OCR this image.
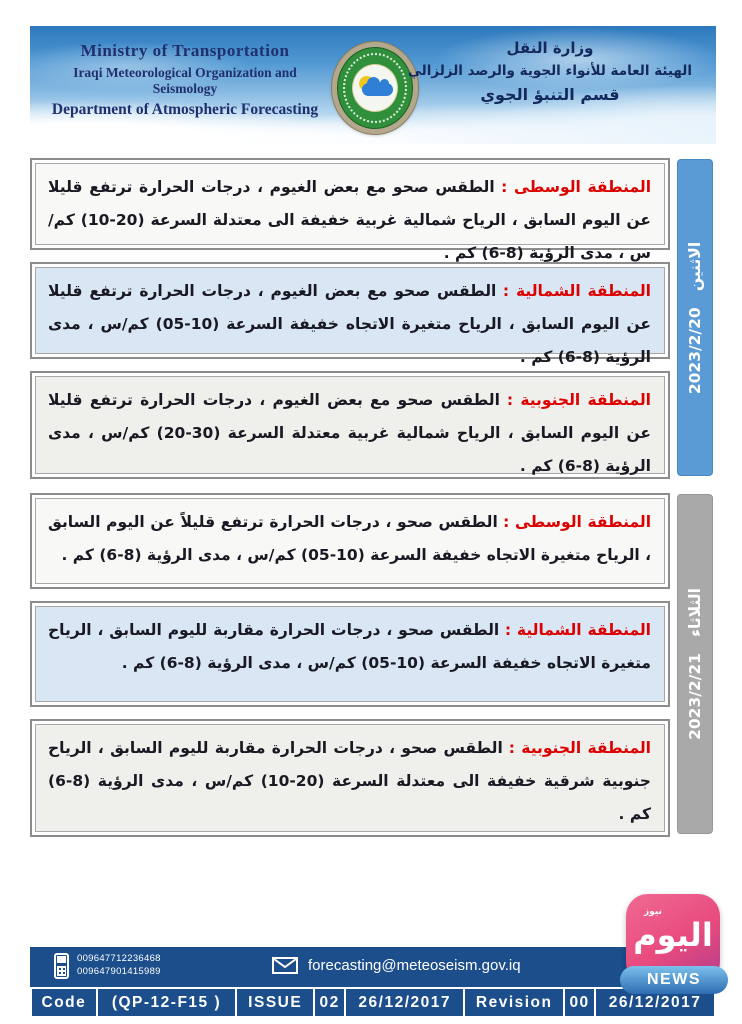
Ministry of Transportation
Iraqi Meteorological Organization and Seismology
Department of Atmospheric Forecasting
وزارة النقل
الهيئة العامة للأنواء الجوية والرصد الزلزالي
قسم التنبؤ الجوي

المنطقة الوسطى : الطقس صحو مع بعض الغيوم ، درجات الحرارة ترتفع قليلا عن اليوم السابق ، الرياح شمالية غربية خفيفة الى معتدلة السرعة (20-10) كم/س ، مدى الرؤية (8-6) كم .

المنطقة الشمالية : الطقس صحو مع بعض الغيوم ، درجات الحرارة ترتفع قليلا عن اليوم السابق ، الرياح متغيرة الاتجاه خفيفة السرعة (10-05) كم/س ، مدى الرؤية (8-6) كم .

المنطقة الجنوبية : الطقس صحو مع بعض الغيوم ، درجات الحرارة ترتفع قليلا عن اليوم السابق ، الرياح شمالية غربية معتدلة السرعة (30-20) كم/س ، مدى الرؤية (8-6) كم .

الاثنين   2023/2/20

المنطقة الوسطى : الطقس صحو ، درجات الحرارة ترتفع قليلاً عن اليوم السابق ، الرياح متغيرة الاتجاه خفيفة السرعة (10-05) كم/س ، مدى الرؤية (8-6) كم .

المنطقة الشمالية : الطقس صحو ، درجات الحرارة مقاربة لليوم السابق ، الرياح متغيرة الاتجاه خفيفة السرعة (10-05) كم/س ، مدى الرؤية (8-6) كم .

المنطقة الجنوبية : الطقس صحو ، درجات الحرارة مقاربة لليوم السابق ، الرياح جنوبية شرقية خفيفة الى معتدلة السرعة (20-10) كم/س ، مدى الرؤية (8-6) كم .

الثلاثاء   2023/2/21
نيوز
اليوم
NEWS
009647712236468
009647901415989	forecasting@meteoseism.gov.iq
Code	(QP-12-F15 )	ISSUE	02	26/12/2017	Revision	00	26/12/2017
